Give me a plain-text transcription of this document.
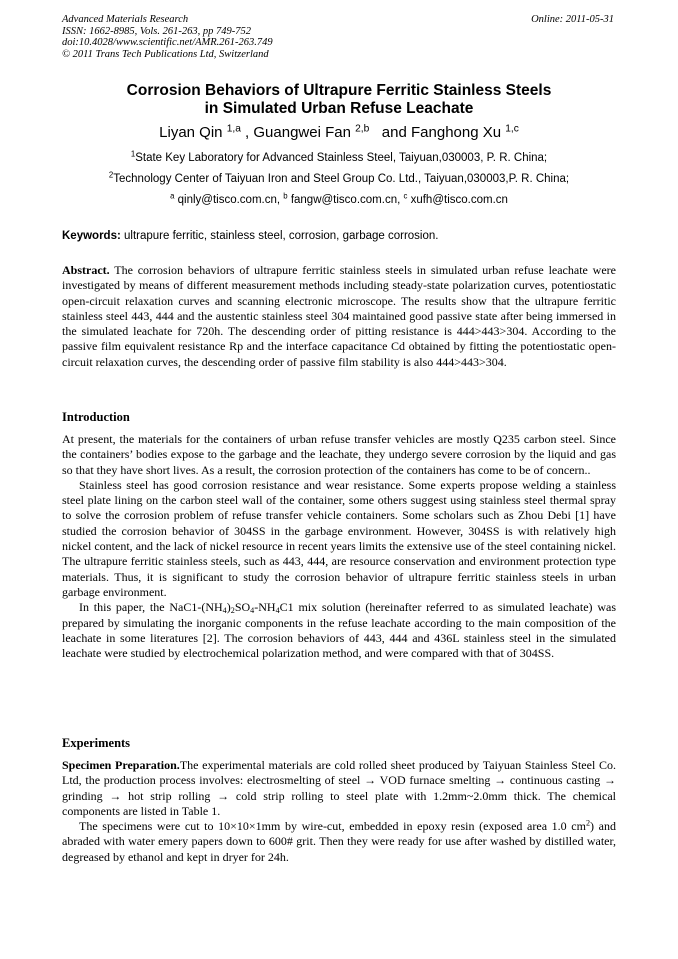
Advanced Materials Research
ISSN: 1662-8985, Vols. 261-263, pp 749-752
doi:10.4028/www.scientific.net/AMR.261-263.749
© 2011 Trans Tech Publications Ltd, Switzerland
Online: 2011-05-31
Corrosion Behaviors of Ultrapure Ferritic Stainless Steels
in Simulated Urban Refuse Leachate
Liyan Qin $^{1,a}$ , Guangwei Fan $^{2,b}$   and Fanghong Xu $^{1,c}$
$^1$State Key Laboratory for Advanced Stainless Steel, Taiyuan,030003, P. R. China;
$^2$Technology Center of Taiyuan Iron and Steel Group Co. Ltd., Taiyuan,030003,P. R. China;
$^a$ qinly@tisco.com.cn, $^b$ fangw@tisco.com.cn, $^c$ xufh@tisco.com.cn
Keywords: ultrapure ferritic, stainless steel, corrosion, garbage corrosion.

Abstract. The corrosion behaviors of ultrapure ferritic stainless steels in simulated urban refuse leachate were investigated by means of different measurement methods including steady-state polarization curves, potentiostatic open-circuit relaxation curves and scanning electronic microscope. The results show that the ultrapure ferritic stainless steel 443, 444 and the austentic stainless steel 304 maintained good passive state after being immersed in the simulated leachate for 720h. The descending order of pitting resistance is 444>443>304. According to the passive film equivalent resistance Rp and the interface capacitance Cd obtained by fitting the potentiostatic open-circuit relaxation curves, the descending order of passive film stability is also 444>443>304.

Introduction

At present, the materials for the containers of urban refuse transfer vehicles are mostly Q235 carbon steel. Since the containers’ bodies expose to the garbage and the leachate, they undergo severe corrosion by the liquid and gas so that they have short lives. As a result, the corrosion protection of the containers has come to be of concern..

Stainless steel has good corrosion resistance and wear resistance. Some experts propose welding a stainless steel plate lining on the carbon steel wall of the container, some others suggest using stainless steel thermal spray to solve the corrosion problem of refuse transfer vehicle containers. Some scholars such as Zhou Debi [1] have studied the corrosion behavior of 304SS in the garbage environment. However, 304SS is with relatively high nickel content, and the lack of nickel resource in recent years limits the extensive use of the steel containing nickel. The ultrapure ferritic stainless steels, such as 443, 444, are resource conservation and environment protection type materials. Thus, it is significant to study the corrosion behavior of ultrapure ferritic stainless steels in urban garbage environment.

In this paper, the $NaC1-(NH_4)_2SO_4-NH_4C1$ mix solution (hereinafter referred to as simulated leachate) was prepared by simulating the inorganic components in the refuse leachate according to the main composition of the leachate in some literatures [2]. The corrosion behaviors of 443, 444 and 436L stainless steel in the simulated leachate were studied by electrochemical polarization method, and were compared with that of 304SS.

Experiments

Specimen Preparation.The experimental materials are cold rolled sheet produced by Taiyuan Stainless Steel Co. Ltd, the production process involves: electrosmelting of steel → VOD furnace smelting → continuous casting → grinding → hot strip rolling → cold strip rolling to steel plate with 1.2mm~2.0mm thick. The chemical components are listed in Table 1.

The specimens were cut to 10×10×1mm by wire-cut, embedded in epoxy resin (exposed area 1.0 $cm^2$) and abraded with water emery papers down to 600# grit. Then they were ready for use after washed by distilled water, degreased by ethanol and kept in dryer for 24h.
